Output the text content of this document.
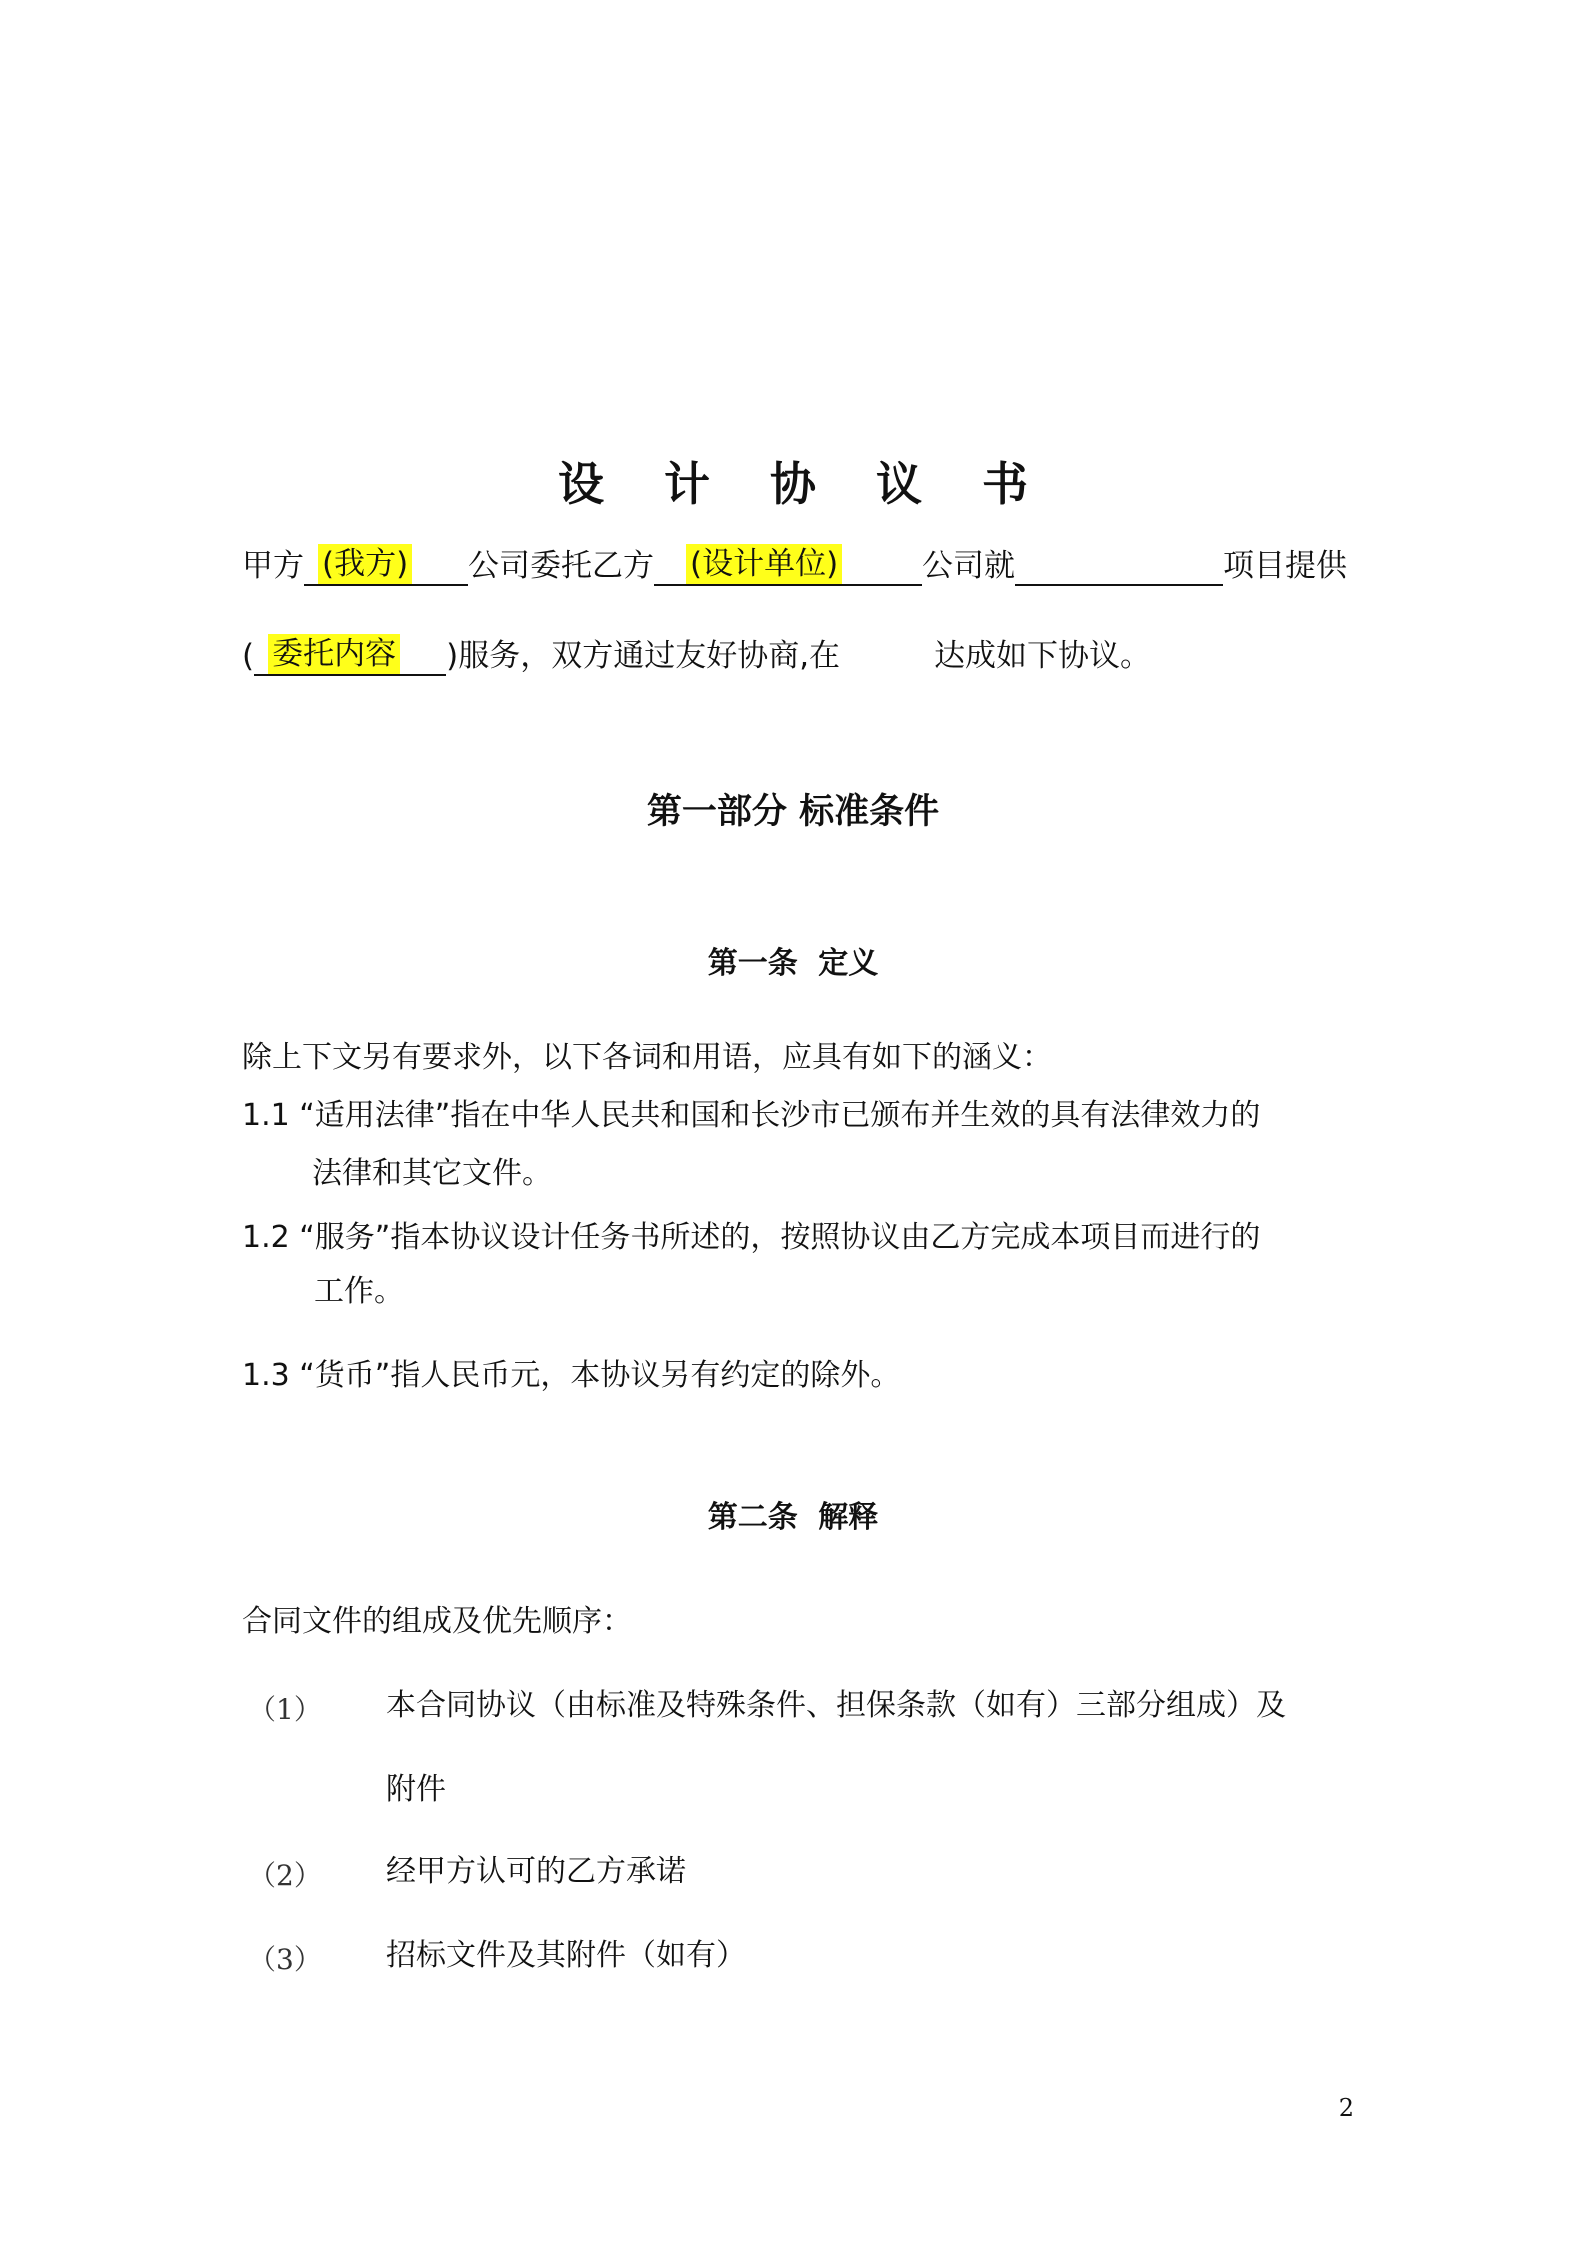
设 计 协 议 书
甲方 (我方) 公司委托乙方 (设计单位)	公司就	项目提供
( 委托内容 )服务，双方通过友好协商,在	达成如下协议。
第一部分 标准条件
第一条 定义
除上下文另有要求外，以下各词和用语，应具有如下的涵义：
1.1 “适用法律”指在中华人民共和国和长沙市已颁布并生效的具有法律效力的
法律和其它文件。
1.2 “服务”指本协议设计任务书所述的，按照协议由乙方完成本项目而进行的
工作。
1.3 “货币”指人民币元，本协议另有约定的除外。
第二条 解释
合同文件的组成及优先顺序：
（1） 本合同协议（由标准及特殊条件、担保条款（如有）三部分组成）及
附件
（2） 经甲方认可的乙方承诺
（3） 招标文件及其附件（如有）
2
